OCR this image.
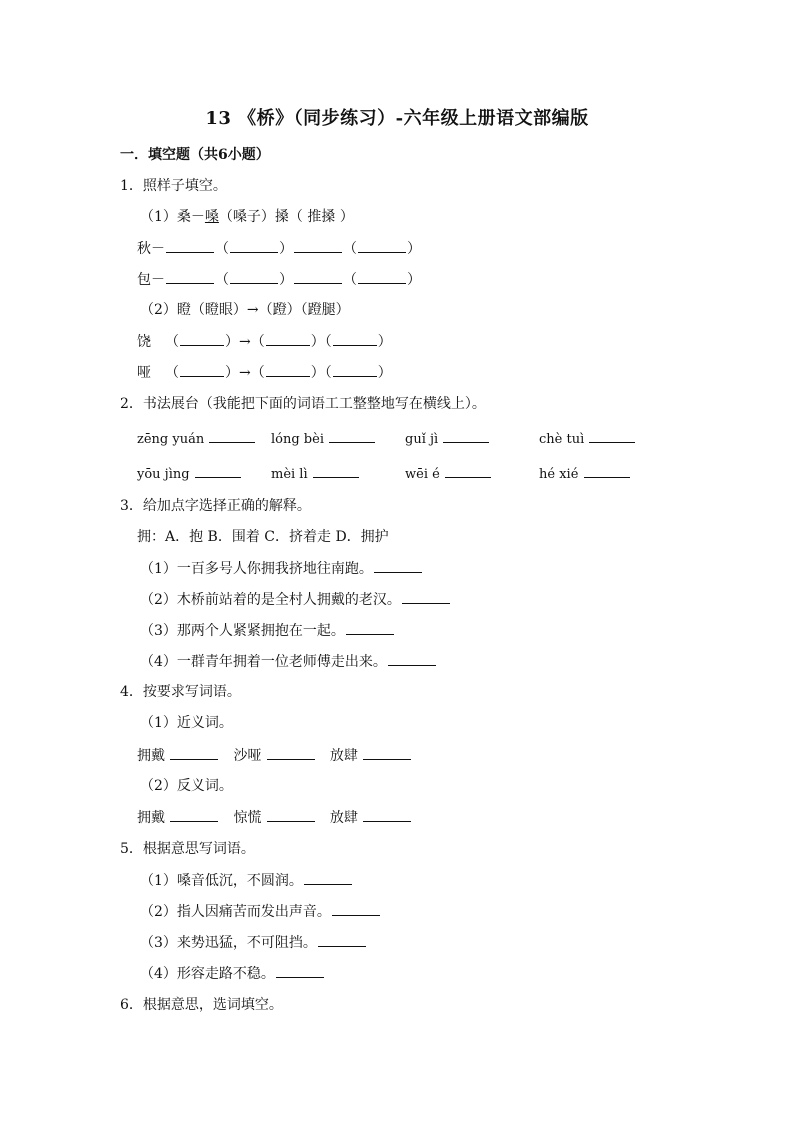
13 《桥》（同步练习）-六年级上册语文部编版
一．填空题（共6小题）
1．照样子填空。
（1）桑－嗓（嗓子）搡（ 推搡 ）
秋－	（	）	（	）
包－	（	）	（	）
（2）瞪（瞪眼）→（蹬）（蹬腿）
饶 （	）→（	）（	）
哑 （	）→（	）（	）
2．书法展台（我能把下面的词语工工整整地写在横线上）。
zēng yuán	lóng bèi	guǐ jì	chè tuì
yōu jìng	mèi lì	wēi é	hé xié
3．给加点字选择正确的解释。
拥：A．抱 B．围着 C．挤着走 D．拥护
（1）一百多号人你拥我挤地往南跑。
（2）木桥前站着的是全村人拥戴的老汉。
（3）那两个人紧紧拥抱在一起。
（4）一群青年拥着一位老师傅走出来。
4．按要求写词语。
（1）近义词。
拥戴	沙哑	放肆
（2）反义词。
拥戴	惊慌	放肆
5．根据意思写词语。
（1）嗓音低沉，不圆润。
（2）指人因痛苦而发出声音。
（3）来势迅猛，不可阻挡。
（4）形容走路不稳。
6．根据意思，选词填空。
